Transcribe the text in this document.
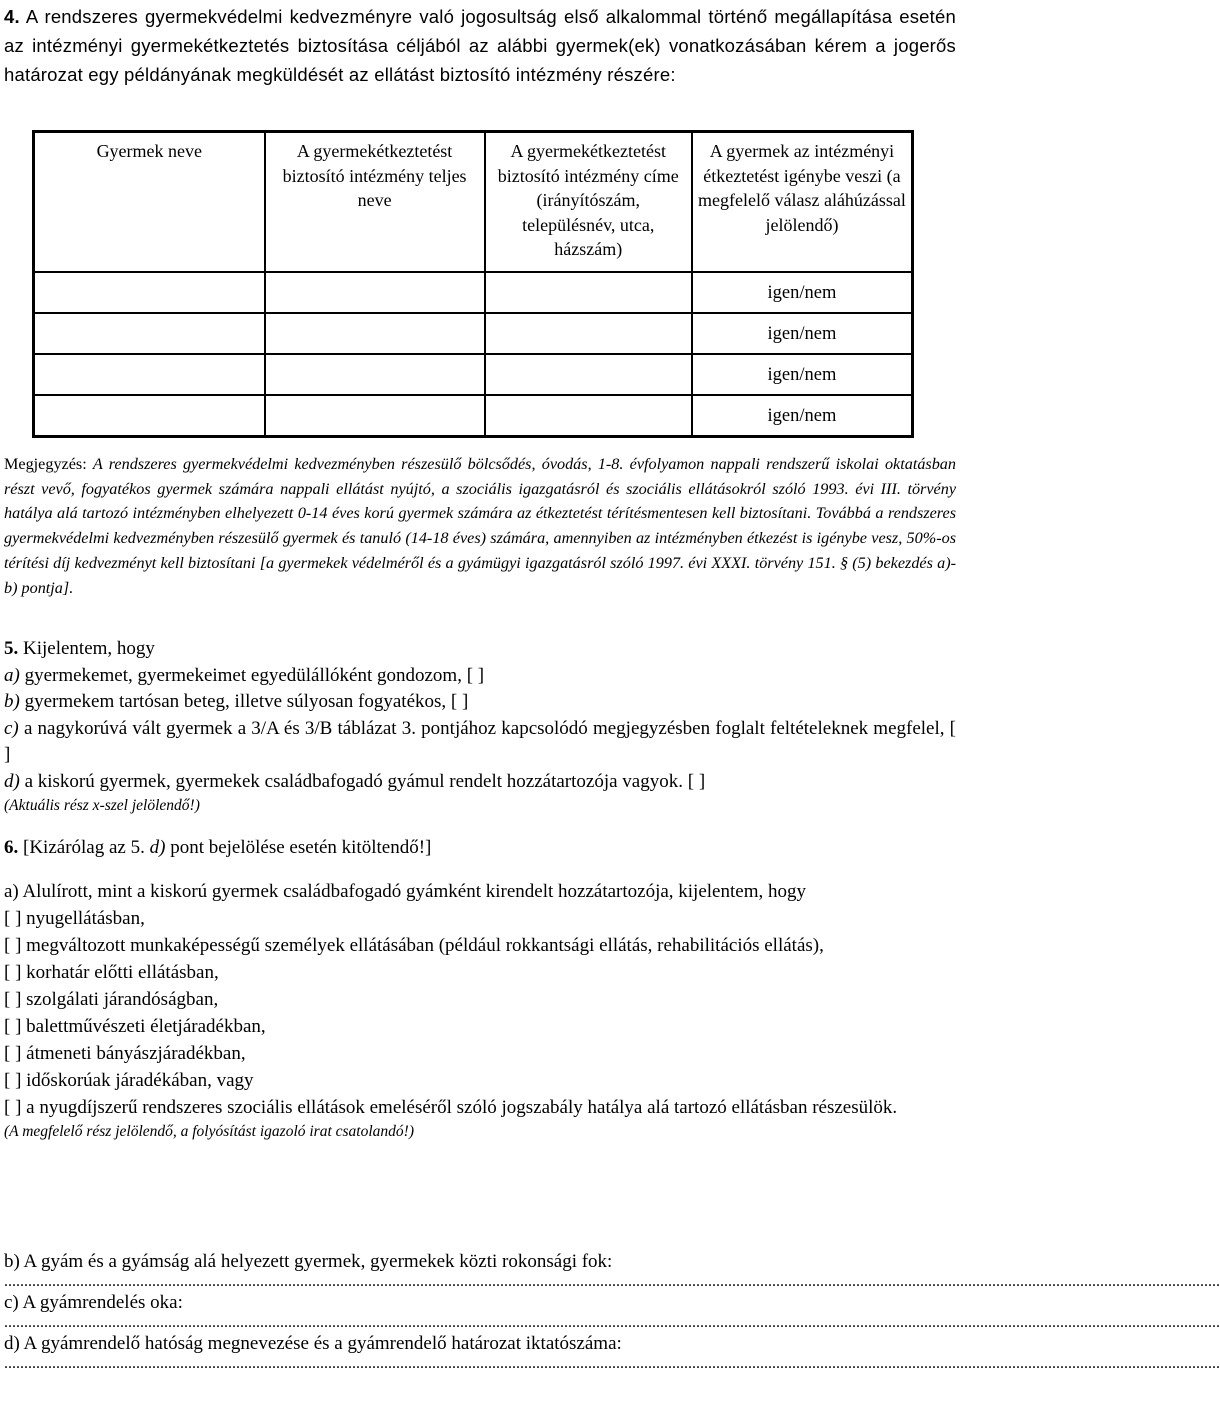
4. A rendszeres gyermekvédelmi kedvezményre való jogosultság első alkalommal történő megállapítása esetén az intézményi gyermekétkeztetés biztosítása céljából az alábbi gyermek(ek) vonatkozásában kérem a jogerős határozat egy példányának megküldését az ellátást biztosító intézmény részére:

Gyermek neve	A gyermekétkeztetést biztosító intézmény teljes neve	A gyermekétkeztetést biztosító intézmény címe (irányítószám, településnév, utca, házszám)	A gyermek az intézményi étkeztetést igénybe veszi (a megfelelő válasz aláhúzással jelölendő)
			igen/nem
			igen/nem
			igen/nem
			igen/nem
Megjegyzés: A rendszeres gyermekvédelmi kedvezményben részesülő bölcsődés, óvodás, 1-8. évfolyamon nappali rendszerű iskolai oktatásban részt vevő, fogyatékos gyermek számára nappali ellátást nyújtó, a szociális igazgatásról és szociális ellátásokról szóló 1993. évi III. törvény hatálya alá tartozó intézményben elhelyezett 0-14 éves korú gyermek számára az étkeztetést térítésmentesen kell biztosítani. Továbbá a rendszeres gyermekvédelmi kedvezményben részesülő gyermek és tanuló (14-18 éves) számára, amennyiben az intézményben étkezést is igénybe vesz, 50%-os térítési díj kedvezményt kell biztosítani [a gyermekek védelméről és a gyámügyi igazgatásról szóló 1997. évi XXXI. törvény 151. § (5) bekezdés a)-b) pontja].

5. Kijelentem, hogy

a) gyermekemet, gyermekeimet egyedülállóként gondozom, [ ]

b) gyermekem tartósan beteg, illetve súlyosan fogyatékos, [ ]

c) a nagykorúvá vált gyermek a 3/A és 3/B táblázat 3. pontjához kapcsolódó megjegyzésben foglalt feltételeknek megfelel, [ ]

d) a kiskorú gyermek, gyermekek családbafogadó gyámul rendelt hozzátartozója vagyok. [ ]

(Aktuális rész x-szel jelölendő!)

6. [Kizárólag az 5. d) pont bejelölése esetén kitöltendő!]

a) Alulírott, mint a kiskorú gyermek családbafogadó gyámként kirendelt hozzátartozója, kijelentem, hogy

[ ] nyugellátásban,

[ ] megváltozott munkaképességű személyek ellátásában (például rokkantsági ellátás, rehabilitációs ellátás),

[ ] korhatár előtti ellátásban,

[ ] szolgálati járandóságban,

[ ] balettművészeti életjáradékban,

[ ] átmeneti bányászjáradékban,

[ ] időskorúak járadékában, vagy

[ ] a nyugdíjszerű rendszeres szociális ellátások emeléséről szóló jogszabály hatálya alá tartozó ellátásban részesülök.

(A megfelelő rész jelölendő, a folyósítást igazoló irat csatolandó!)

b) A gyám és a gyámság alá helyezett gyermek, gyermekek közti rokonsági fok:

................................................................................................................................................................................................................................................................................................................

c) A gyámrendelés oka:

................................................................................................................................................................................................................................................................................................................

d) A gyámrendelő hatóság megnevezése és a gyámrendelő határozat iktatószáma:

................................................................................................................................................................................................................................................................................................................
